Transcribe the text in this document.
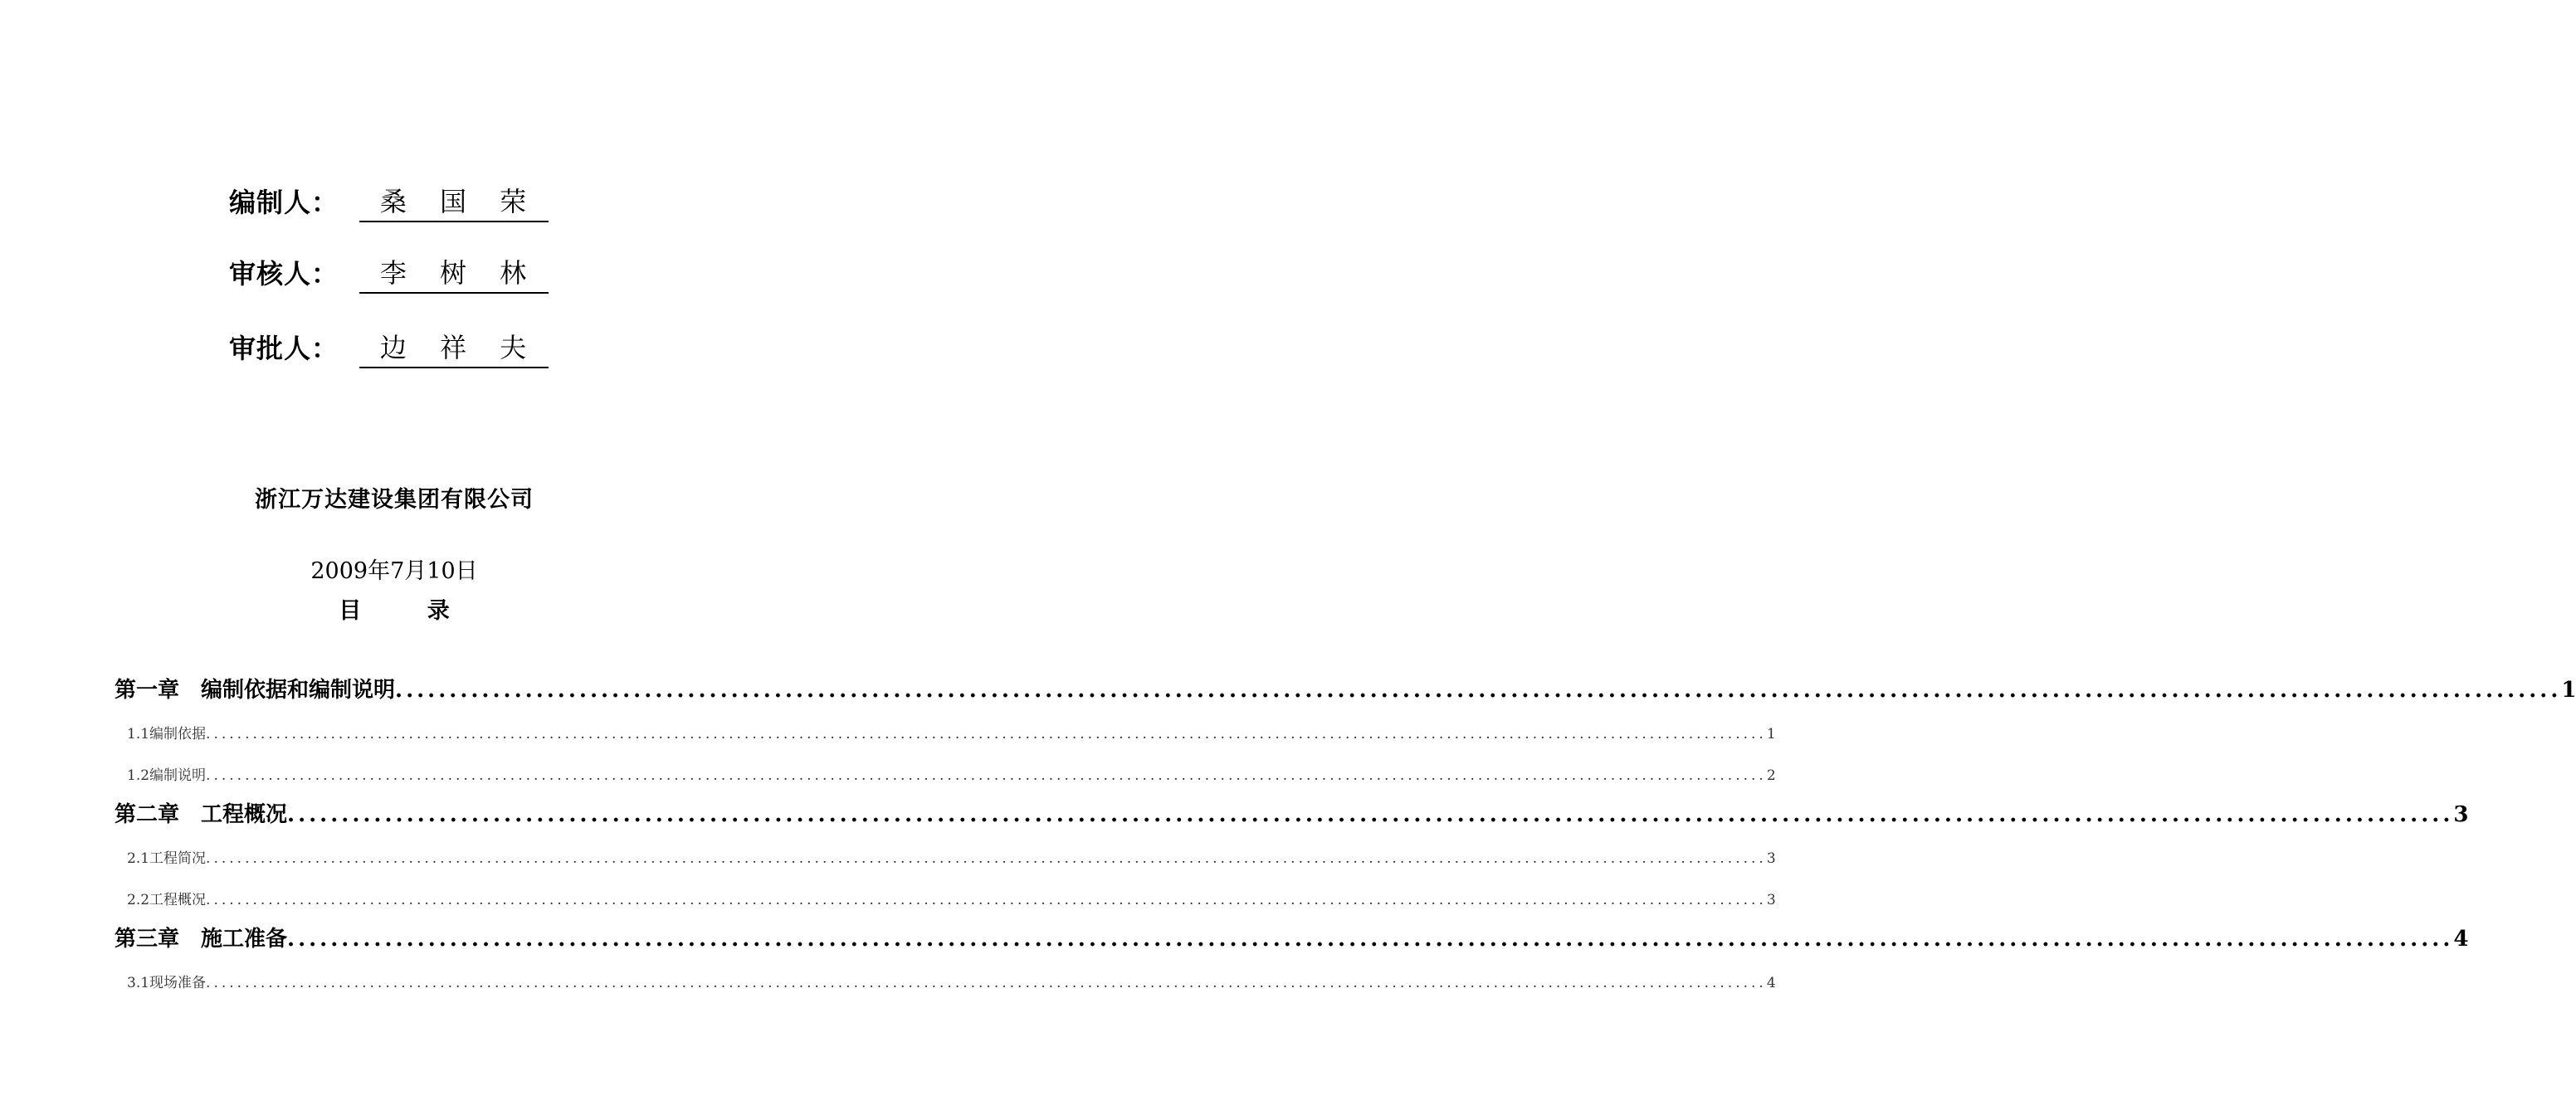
编制人：	桑 国 荣
审核人：	李 树 林
审批人：	边 祥 夫
浙江万达建设集团有限公司
2009年7月10日
目 录
第一章　编制依据和编制说明 ........................................................................................................................................................................................................ 1
1.1编制依据 ........................................................................................................................................................................................................ 1
1.2编制说明 ........................................................................................................................................................................................................ 2
第二章　工程概况 ........................................................................................................................................................................................................ 3
2.1工程简况 ........................................................................................................................................................................................................ 3
2.2工程概况 ........................................................................................................................................................................................................ 3
第三章　施工准备 ........................................................................................................................................................................................................ 4
3.1现场准备 ........................................................................................................................................................................................................ 4
